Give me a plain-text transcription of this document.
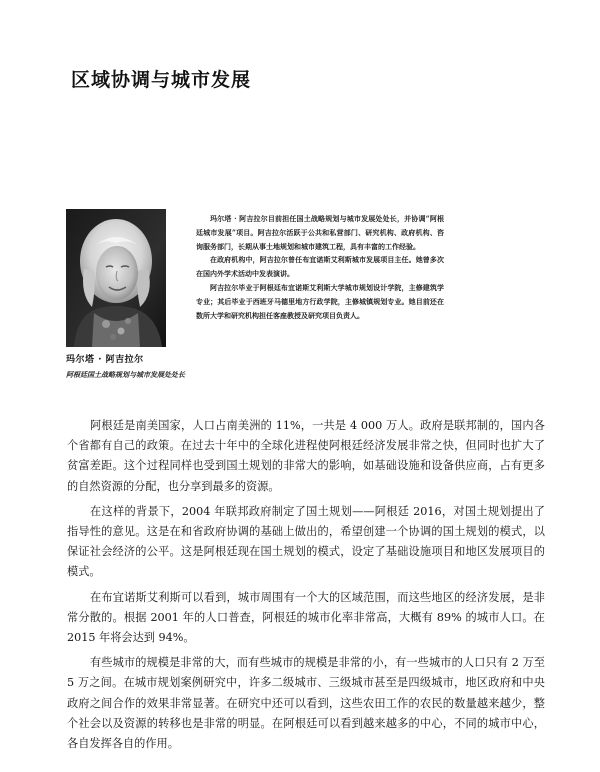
区域协调与城市发展
玛尔塔 · 阿吉拉尔
阿根廷国土战略规划与城市发展处处长

玛尔塔 · 阿吉拉尔目前担任国土战略规划与城市发展处处长，并协调“阿根廷城市发展”项目。阿吉拉尔活跃于公共和私营部门、研究机构、政府机构、咨询服务部门，长期从事土地规划和城市建筑工程，具有丰富的工作经验。

在政府机构中，阿吉拉尔曾任布宜诺斯艾利斯城市发展项目主任。她曾多次在国内外学术活动中发表演讲。

阿吉拉尔毕业于阿根廷布宜诺斯艾利斯大学城市规划设计学院，主修建筑学专业；其后毕业于西班牙马德里地方行政学院，主修城镇规划专业。她目前还在数所大学和研究机构担任客座教授及研究项目负责人。

阿根廷是南美国家，人口占南美洲的 11%，一共是 4 000 万人。政府是联邦制的，国内各个省都有自己的政策。在过去十年中的全球化进程使阿根廷经济发展非常之快，但同时也扩大了贫富差距。这个过程同样也受到国土规划的非常大的影响，如基础设施和设备供应商，占有更多的自然资源的分配，也分享到最多的资源。

在这样的背景下，2004 年联邦政府制定了国土规划——阿根廷 2016，对国土规划提出了指导性的意见。这是在和省政府协调的基础上做出的，希望创建一个协调的国土规划的模式，以保证社会经济的公平。这是阿根廷现在国土规划的模式，设定了基础设施项目和地区发展项目的模式。

在布宜诺斯艾利斯可以看到，城市周围有一个大的区域范围，而这些地区的经济发展，是非常分散的。根据 2001 年的人口普查，阿根廷的城市化率非常高，大概有 89% 的城市人口。在 2015 年将会达到 94%。

有些城市的规模是非常的大，而有些城市的规模是非常的小，有一些城市的人口只有 2 万至 5 万之间。在城市规划案例研究中，许多二级城市、三级城市甚至是四级城市，地区政府和中央政府之间合作的效果非常显著。在研究中还可以看到，这些农田工作的农民的数量越来越少，整个社会以及资源的转移也是非常的明显。在阿根廷可以看到越来越多的中心，不同的城市中心，各自发挥各自的作用。
